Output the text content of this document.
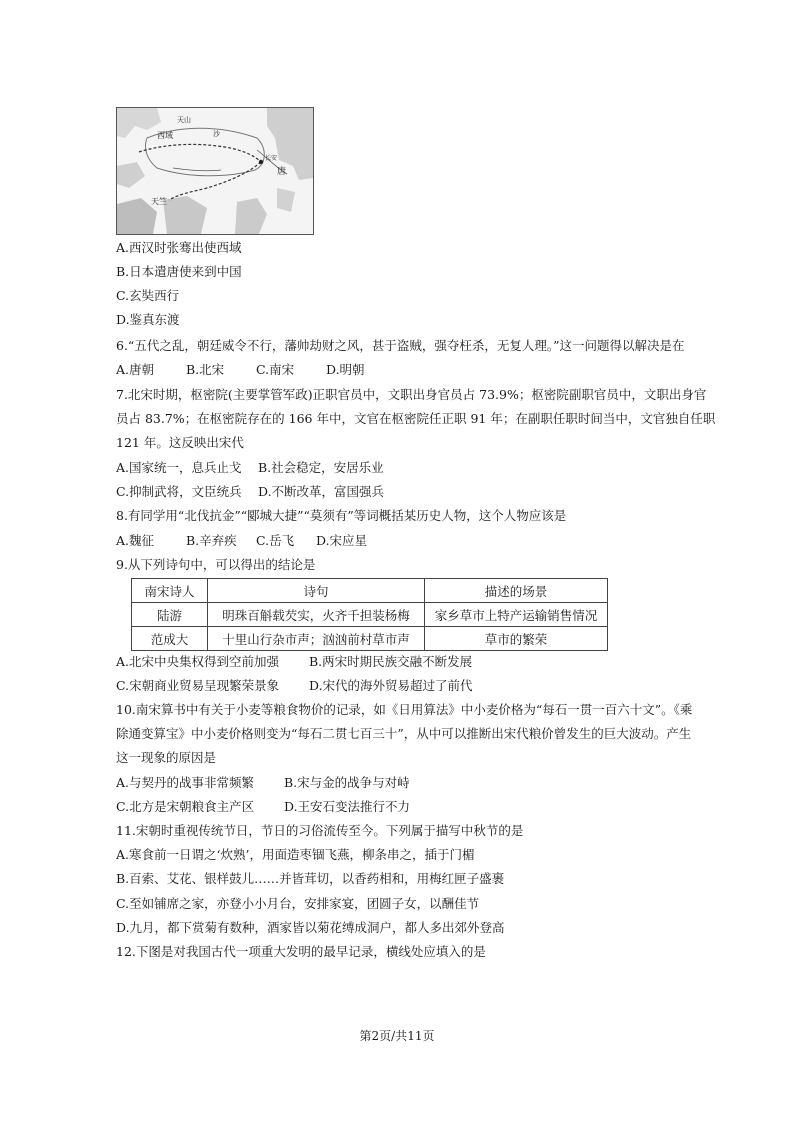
天山
西域	沙
唐
长安
天竺
A.西汉时张骞出使西域
B.日本遣唐使来到中国
C.玄奘西行
D.鉴真东渡
6.“五代之乱，朝廷威令不行，藩帅劫财之风，甚于盗贼，强夺枉杀，无复人理。”这一问题得以解决是在
A.唐朝	B.北宋	C.南宋	D.明朝
7.北宋时期，枢密院(主要掌管军政)正职官员中，文职出身官员占 73.9%；枢密院副职官员中，文职出身官
员占 83.7%；在枢密院存在的 166 年中，文官在枢密院任正职 91 年；在副职任职时间当中，文官独自任职
121 年。这反映出宋代
A.国家统一，息兵止戈 B.社会稳定，安居乐业
C.抑制武将，文臣统兵 D.不断改革，富国强兵
8.有同学用“北伐抗金”“郾城大捷”“莫须有”等词概括某历史人物，这个人物应该是
A.魏征	B.辛弃疾 C.岳飞 D.宋应星
9.从下列诗句中，可以得出的结论是
南宋诗人	诗句	描述的场景
陆游	明珠百斛载芡实，火齐千担装杨梅	家乡草市上特产运输销售情况
范成大	十里山行杂市声；汹汹前村草市声	草市的繁荣
A.北宋中央集权得到空前加强 B.两宋时期民族交融不断发展
C.宋朝商业贸易呈现繁荣景象 D.宋代的海外贸易超过了前代
10.南宋算书中有关于小麦等粮食物价的记录，如《日用算法》中小麦价格为“每石一贯一百六十文”。《乘
除通变算宝》中小麦价格则变为“每石二贯七百三十”，从中可以推断出宋代粮价曾发生的巨大波动。产生
这一现象的原因是
A.与契丹的战事非常频繁 B.宋与金的战争与对峙
C.北方是宋朝粮食主产区 D.王安石变法推行不力
11.宋朝时重视传统节日，节日的习俗流传至今。下列属于描写中秋节的是
A.寒食前一日谓之‘炊熟’，用面造枣锢飞燕，柳条串之，插于门楣
B.百索、艾花、银样鼓儿……并皆茸切，以香药相和，用梅红匣子盛裹
C.至如铺席之家，亦登小小月台，安排家宴，团圆子女，以酬佳节
D.九月，都下赏菊有数种，酒家皆以菊花缚成洞户，都人多出郊外登高
12.下图是对我国古代一项重大发明的最早记录，横线处应填入的是
第2页/共11页
